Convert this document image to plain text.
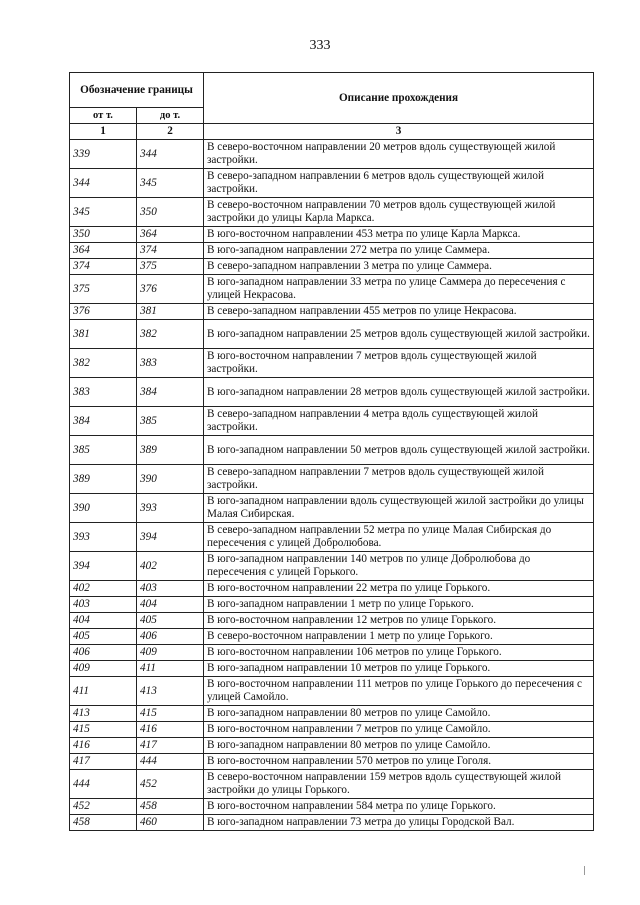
333
Обозначение границы		Описание прохождения
от т.	до т.	
1	2	3
339	344	В северо-восточном направлении 20 метров вдоль существующей жилой застройки.
344	345	В северо-западном направлении 6 метров вдоль существующей жилой застройки.
345	350	В северо-восточном направлении 70 метров вдоль существующей жилой застройки до улицы Карла Маркса.
350	364	В юго-восточном направлении 453 метра по улице Карла Маркса.
364	374	В юго-западном направлении 272 метра по улице Саммера.
374	375	В северо-западном направлении 3 метра по улице Саммера.
375	376	В юго-западном направлении 33 метра по улице Саммера до пересечения с улицей Некрасова.
376	381	В северо-западном направлении 455 метров по улице Некрасова.
381	382	В юго-западном направлении 25 метров вдоль существующей жилой застройки.
382	383	В юго-восточном направлении 7 метров вдоль существующей жилой застройки.
383	384	В юго-западном направлении 28 метров вдоль существующей жилой застройки.
384	385	В северо-западном направлении 4 метра вдоль существующей жилой застройки.
385	389	В юго-западном направлении 50 метров вдоль существующей жилой застройки.
389	390	В северо-западном направлении 7 метров вдоль существующей жилой застройки.
390	393	В юго-западном направлении вдоль существующей жилой застройки до улицы Малая Сибирская.
393	394	В северо-западном направлении 52 метра по улице Малая Сибирская до пересечения с улицей Добролюбова.
394	402	В юго-западном направлении 140 метров по улице Добролюбова до пересечения с улицей Горького.
402	403	В юго-восточном направлении 22 метра по улице Горького.
403	404	В юго-западном направлении 1 метр по улице Горького.
404	405	В юго-восточном направлении 12 метров по улице Горького.
405	406	В северо-восточном направлении 1 метр по улице Горького.
406	409	В юго-восточном направлении 106 метров по улице Горького.
409	411	В юго-западном направлении 10 метров по улице Горького.
411	413	В юго-восточном направлении 111 метров по улице Горького до пересечения с улицей Самойло.
413	415	В юго-западном направлении 80 метров по улице Самойло.
415	416	В юго-восточном направлении 7 метров по улице Самойло.
416	417	В юго-западном направлении 80 метров по улице Самойло.
417	444	В юго-восточном направлении 570 метров по улице Гоголя.
444	452	В северо-восточном направлении 159 метров вдоль существующей жилой застройки до улицы Горького.
452	458	В юго-восточном направлении 584 метра по улице Горького.
458	460	В юго-западном направлении 73 метра до улицы Городской Вал.
